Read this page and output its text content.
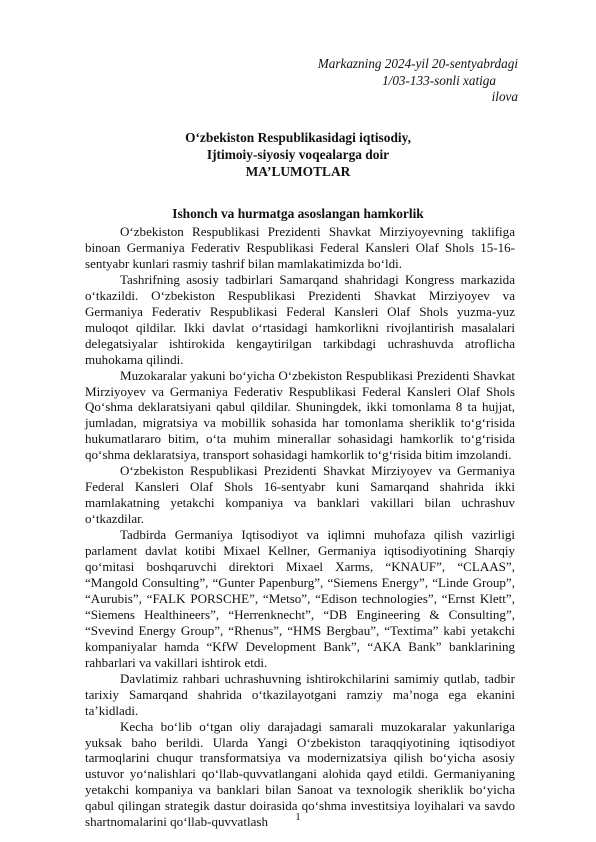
Markazning 2024-yil 20-sentyabrdagi
1/03-133-sonli xatiga
ilova
O‘zbekiston Respublikasidagi iqtisodiy,
Ijtimoiy-siyosiy voqealarga doir
MA’LUMOTLAR
Ishonch va hurmatga asoslangan hamkorlik

O‘zbekiston Respublikasi Prezidenti Shavkat Mirziyoyevning taklifiga binoan Germaniya Federativ Respublikasi Federal Kansleri Olaf Shols 15-16-sentyabr kunlari rasmiy tashrif bilan mamlakatimizda bo‘ldi.

Tashrifning asosiy tadbirlari Samarqand shahridagi Kongress markazida o‘tkazildi. O‘zbekiston Respublikasi Prezidenti Shavkat Mirziyoyev va Germaniya Federativ Respublikasi Federal Kansleri Olaf Shols yuzma-yuz muloqot qildilar. Ikki davlat o‘rtasidagi hamkorlikni rivojlantirish masalalari delegatsiyalar ishtirokida kengaytirilgan tarkibdagi uchrashuvda atroflicha muhokama qilindi.

Muzokaralar yakuni bo‘yicha O‘zbekiston Respublikasi Prezidenti Shavkat Mirziyoyev va Germaniya Federativ Respublikasi Federal Kansleri Olaf Shols Qo‘shma deklaratsiyani qabul qildilar. Shuningdek, ikki tomonlama 8 ta hujjat, jumladan, migratsiya va mobillik sohasida har tomonlama sheriklik to‘g‘risida hukumatlararo bitim, o‘ta muhim minerallar sohasidagi hamkorlik to‘g‘risida qo‘shma deklaratsiya, transport sohasidagi hamkorlik to‘g‘risida bitim imzolandi.

O‘zbekiston Respublikasi Prezidenti Shavkat Mirziyoyev va Germaniya Federal Kansleri Olaf Shols 16-sentyabr kuni Samarqand shahrida ikki mamlakatning yetakchi kompaniya va banklari vakillari bilan uchrashuv o‘tkazdilar.

Tadbirda Germaniya Iqtisodiyot va iqlimni muhofaza qilish vazirligi parlament davlat kotibi Mixael Kellner, Germaniya iqtisodiyotining Sharqiy qo‘mitasi boshqaruvchi direktori Mixael Xarms, “KNAUF”, “CLAAS”, “Mangold Consulting”, “Gunter Papenburg”, “Siemens Energy”, “Linde Group”, “Aurubis”, “FALK PORSCHE”, “Metso”, “Edison technologies”, “Ernst Klett”, “Siemens Healthineers”, “Herrenknecht”, “DB Engineering & Consulting”, “Svevind Energy Group”, “Rhenus”, “HMS Bergbau”, “Textima” kabi yetakchi kompaniyalar hamda “KfW Development Bank”, “AKA Bank” banklarining rahbarlari va vakillari ishtirok etdi.

Davlatimiz rahbari uchrashuvning ishtirokchilarini samimiy qutlab, tadbir tarixiy Samarqand shahrida o‘tkazilayotgani ramziy ma’noga ega ekanini ta’kidladi.

Kecha bo‘lib o‘tgan oliy darajadagi samarali muzokaralar yakunlariga yuksak baho berildi. Ularda Yangi O‘zbekiston taraqqiyotining iqtisodiyot tarmoqlarini chuqur transformatsiya va modernizatsiya qilish bo‘yicha asosiy ustuvor yo‘nalishlari qo‘llab-quvvatlangani alohida qayd etildi. Germaniyaning yetakchi kompaniya va banklari bilan Sanoat va texnologik sheriklik bo‘yicha qabul qilingan strategik dastur doirasida qo‘shma investitsiya loyihalari va savdo shartnomalarini qo‘llab-quvvatlash	1
